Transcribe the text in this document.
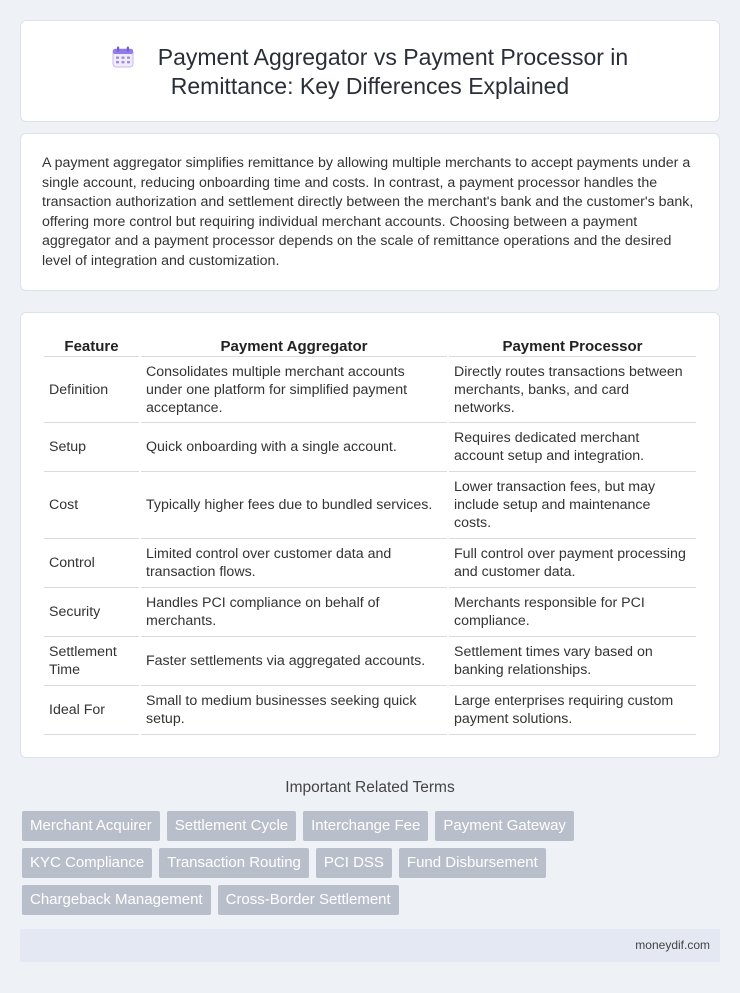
Payment Aggregator vs Payment Processor in
Remittance: Key Differences Explained

A payment aggregator simplifies remittance by allowing multiple merchants to accept payments under a single account, reducing onboarding time and costs. In contrast, a payment processor handles the transaction authorization and settlement directly between the merchant's bank and the customer's bank, offering more control but requiring individual merchant accounts. Choosing between a payment aggregator and a payment processor depends on the scale of remittance operations and the desired level of integration and customization.

Feature	Payment Aggregator	Payment Processor
Definition	Consolidates multiple merchant accounts under one platform for simplified payment acceptance.	Directly routes transactions between merchants, banks, and card networks.
Setup	Quick onboarding with a single account.	Requires dedicated merchant account setup and integration.
Cost	Typically higher fees due to bundled services.	Lower transaction fees, but may include setup and maintenance costs.
Control	Limited control over customer data and transaction flows.	Full control over payment processing and customer data.
Security	Handles PCI compliance on behalf of merchants.	Merchants responsible for PCI compliance.
Settlement Time	Faster settlements via aggregated accounts.	Settlement times vary based on banking relationships.
Ideal For	Small to medium businesses seeking quick setup.	Large enterprises requiring custom payment solutions.
Important Related Terms
Merchant Acquirer	Settlement Cycle	Interchange Fee	Payment Gateway
KYC Compliance	Transaction Routing	PCI DSS	Fund Disbursement
Chargeback Management	Cross-Border Settlement
moneydif.com
